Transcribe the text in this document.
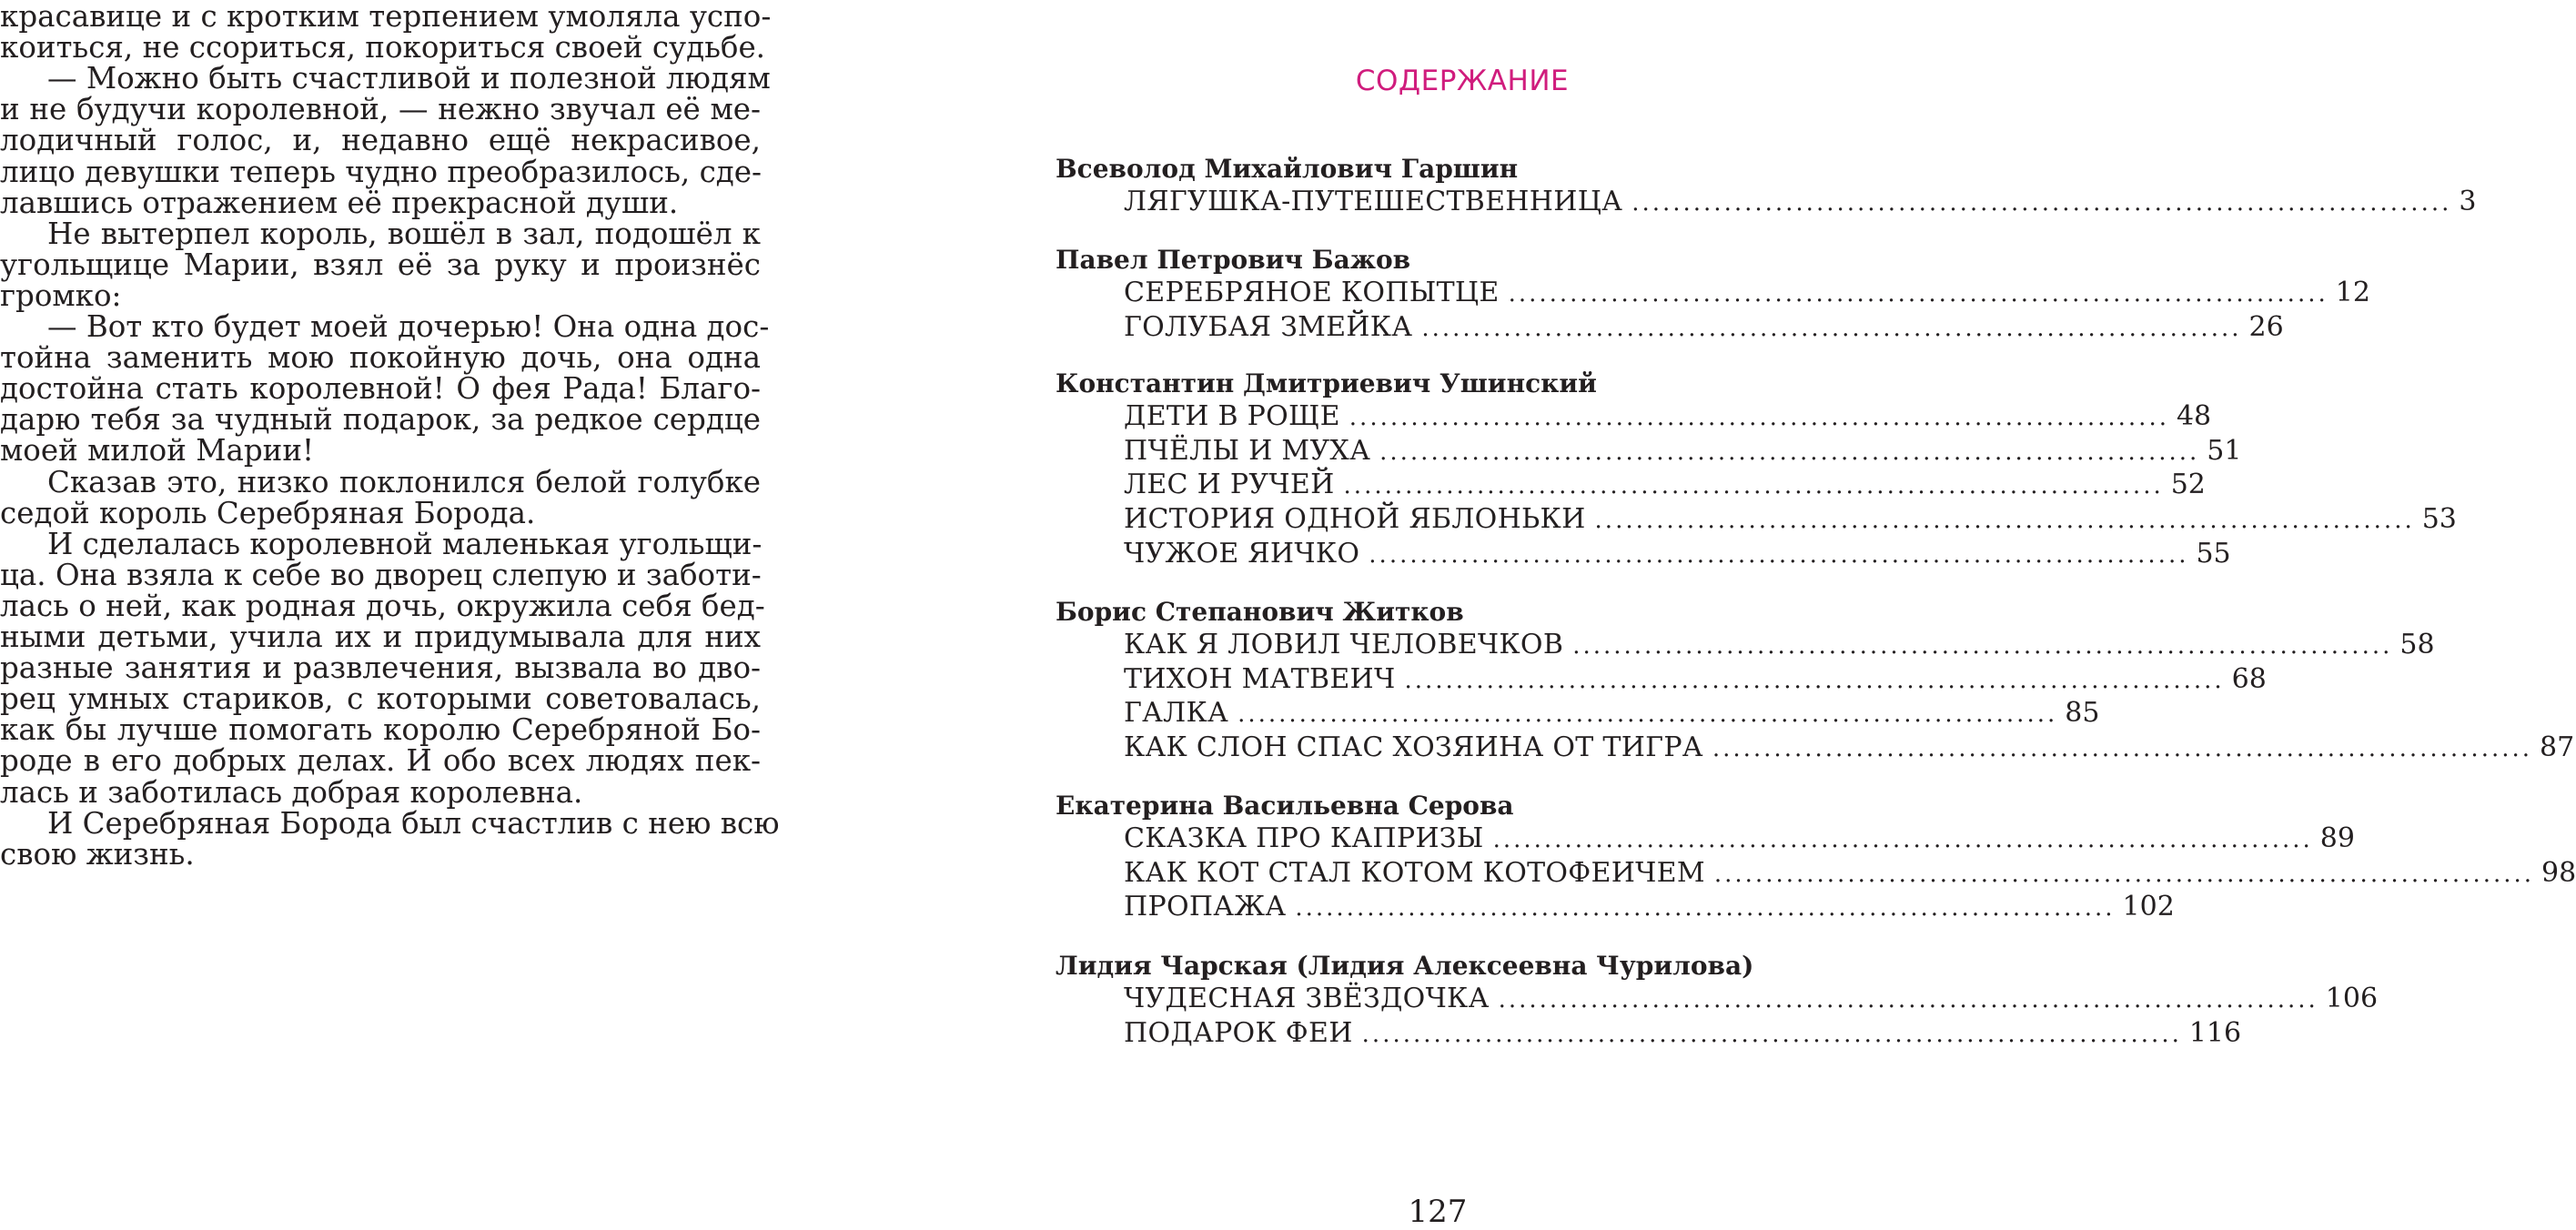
красавице и с кротким терпением умоляла успо-
коиться, не ссориться, покориться своей судьбе.
— Можно быть счастливой и полезной людям
и не будучи королевной, — нежно звучал её ме-
лодичный голос, и, недавно ещё некрасивое,
лицо девушки теперь чудно преобразилось, сде-
лавшись отражением её прекрасной души.
Не вытерпел король, вошёл в зал, подошёл к
угольщице Марии, взял её за руку и произнёс
громко:
— Вот кто будет моей дочерью! Она одна дос-
тойна заменить мою покойную дочь, она одна
достойна стать королевной! О фея Рада! Благо-
дарю тебя за чудный подарок, за редкое сердце
моей милой Марии!
Сказав это, низко поклонился белой голубке
седой король Серебряная Борода.
И сделалась королевной маленькая угольщи-
ца. Она взяла к себе во дворец слепую и заботи-
лась о ней, как родная дочь, окружила себя бед-
ными детьми, учила их и придумывала для них
разные занятия и развлечения, вызвала во дво-
рец умных стариков, с которыми советовалась,
как бы лучше помогать королю Серебряной Бо-
роде в его добрых делах. И обо всех людях пек-
лась и заботилась добрая королевна.
И Серебряная Борода был счастлив с нею всю
свою жизнь.
СОДЕРЖАНИЕ
127
Всеволод Михайлович Гаршин
ЛЯГУШКА-ПУТЕШЕСТВЕННИЦА ................................................................................ 3
Павел Петрович Бажов
СЕРЕБРЯНОЕ КОПЫТЦЕ ................................................................................ 12
ГОЛУБАЯ ЗМЕЙКА ................................................................................ 26
Константин Дмитриевич Ушинский
ДЕТИ В РОЩЕ ................................................................................ 48
ПЧЁЛЫ И МУХА ................................................................................ 51
ЛЕС И РУЧЕЙ ................................................................................ 52
ИСТОРИЯ ОДНОЙ ЯБЛОНЬКИ ................................................................................ 53
ЧУЖОЕ ЯИЧКО ................................................................................ 55
Борис Степанович Житков
КАК Я ЛОВИЛ ЧЕЛОВЕЧКОВ ................................................................................ 58
ТИХОН МАТВЕИЧ ................................................................................ 68
ГАЛКА ................................................................................ 85
КАК СЛОН СПАС ХОЗЯИНА ОТ ТИГРА ................................................................................ 87
Екатерина Васильевна Серова
СКАЗКА ПРО КАПРИЗЫ ................................................................................ 89
КАК КОТ СТАЛ КОТОМ КОТОФЕИЧЕМ ................................................................................ 98
ПРОПАЖА ................................................................................ 102
Лидия Чарская (Лидия Алексеевна Чурилова)
ЧУДЕСНАЯ ЗВЁЗДОЧКА ................................................................................ 106
ПОДАРОК ФЕИ ................................................................................ 116
